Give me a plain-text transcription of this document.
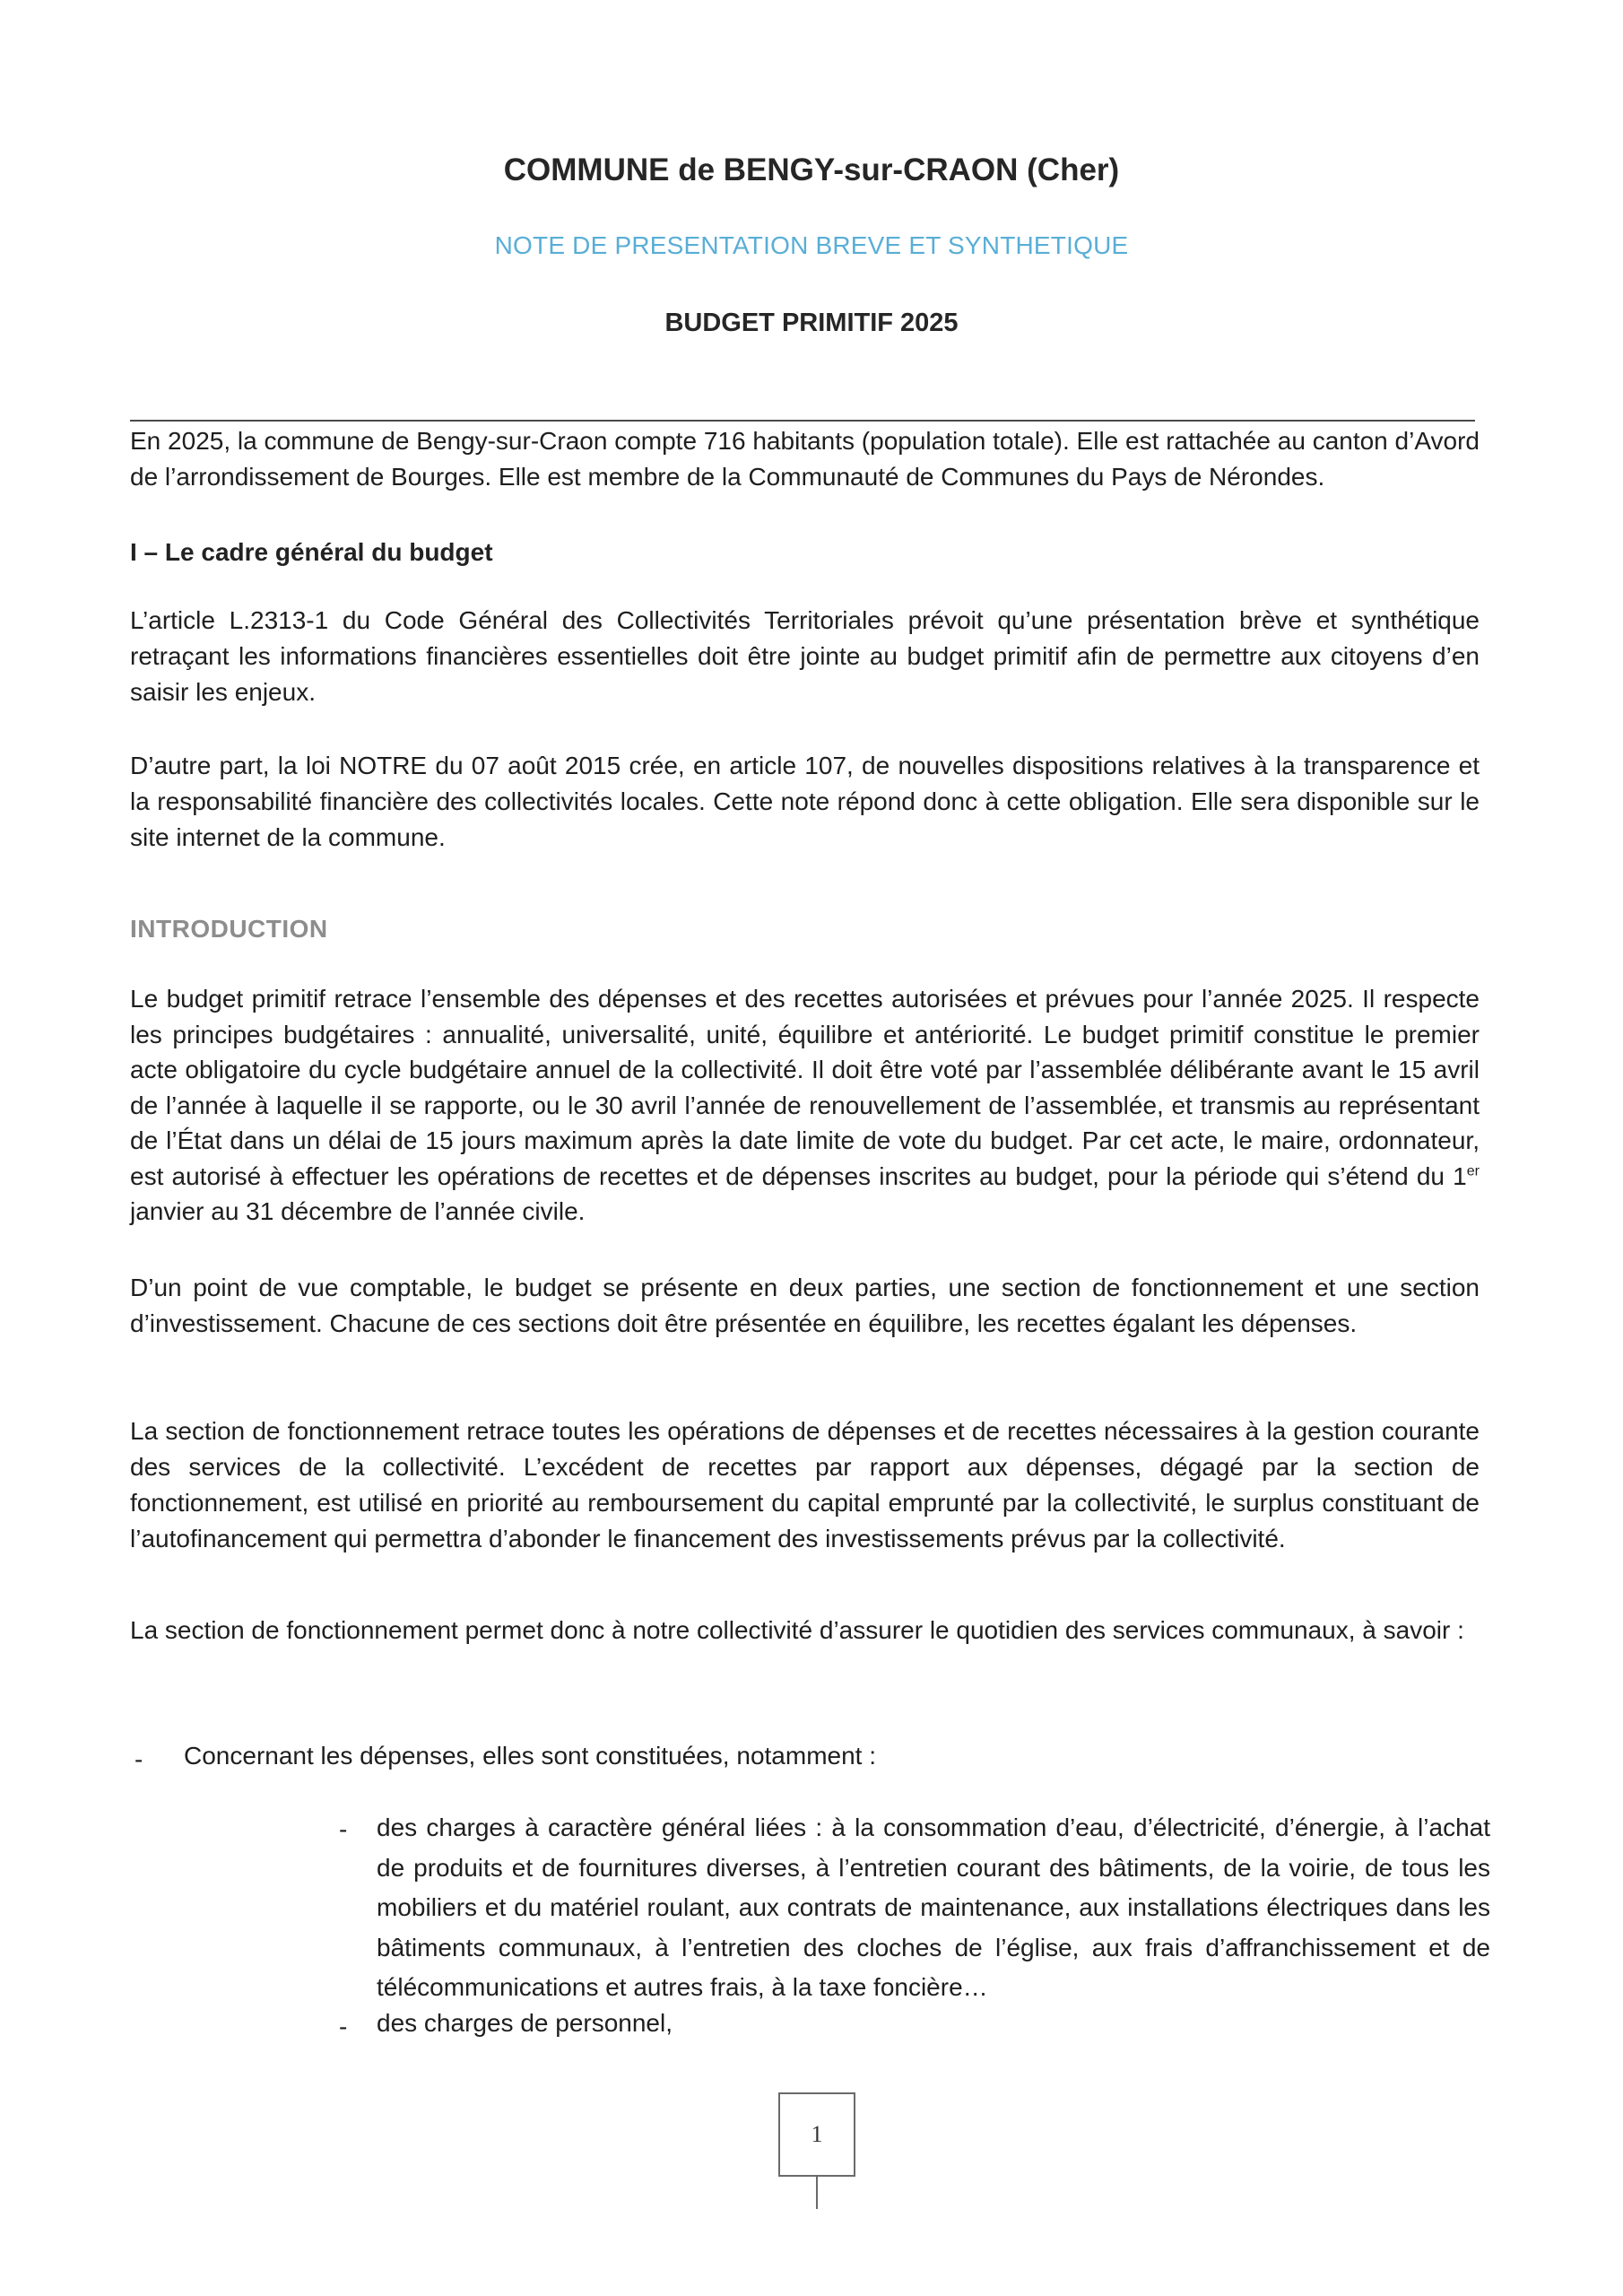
COMMUNE de BENGY-sur-CRAON (Cher)
NOTE DE PRESENTATION BREVE ET SYNTHETIQUE
BUDGET PRIMITIF 2025

En 2025, la commune de Bengy-sur-Craon compte 716 habitants (population totale). Elle est rattachée au canton d’Avord de l’arrondissement de Bourges. Elle est membre de la Communauté de Communes du Pays de Nérondes.

I – Le cadre général du budget

L’article L.2313-1 du Code Général des Collectivités Territoriales prévoit qu’une présentation brève et synthétique retraçant les informations financières essentielles doit être jointe au budget primitif afin de permettre aux citoyens d’en saisir les enjeux.

D’autre part, la loi NOTRE du 07 août 2015 crée, en article 107, de nouvelles dispositions relatives à la transparence et la responsabilité financière des collectivités locales. Cette note répond donc à cette obligation. Elle sera disponible sur le site internet de la commune.

INTRODUCTION

Le budget primitif retrace l’ensemble des dépenses et des recettes autorisées et prévues pour l’année 2025. Il respecte les principes budgétaires : annualité, universalité, unité, équilibre et antériorité. Le budget primitif constitue le premier acte obligatoire du cycle budgétaire annuel de la collectivité. Il doit être voté par l’assemblée délibérante avant le 15 avril de l’année à laquelle il se rapporte, ou le 30 avril l’année de renouvellement de l’assemblée, et transmis au représentant de l’État dans un délai de 15 jours maximum après la date limite de vote du budget. Par cet acte, le maire, ordonnateur, est autorisé à effectuer les opérations de recettes et de dépenses inscrites au budget, pour la période qui s’étend du 1er janvier au 31 décembre de l’année civile.

D’un point de vue comptable, le budget se présente en deux parties, une section de fonctionnement et une section d’investissement. Chacune de ces sections doit être présentée en équilibre, les recettes égalant les dépenses.

La section de fonctionnement retrace toutes les opérations de dépenses et de recettes nécessaires à la gestion courante des services de la collectivité. L’excédent de recettes par rapport aux dépenses, dégagé par la section de fonctionnement, est utilisé en priorité au remboursement du capital emprunté par la collectivité, le surplus constituant de l’autofinancement qui permettra d’abonder le financement des investissements prévus par la collectivité.

La section de fonctionnement permet donc à notre collectivité d’assurer le quotidien des services communaux, à savoir :

- Concernant les dépenses, elles sont constituées, notamment :
- des charges à caractère général liées : à la consommation d’eau, d’électricité, d’énergie, à l’achat de produits et de fournitures diverses, à l’entretien courant des bâtiments, de la voirie, de tous les mobiliers et du matériel roulant, aux contrats de maintenance, aux installations électriques dans les bâtiments communaux, à l’entretien des cloches de l’église, aux frais d’affranchissement et de télécommunications et autres frais, à la taxe foncière…
- des charges de personnel,
1
